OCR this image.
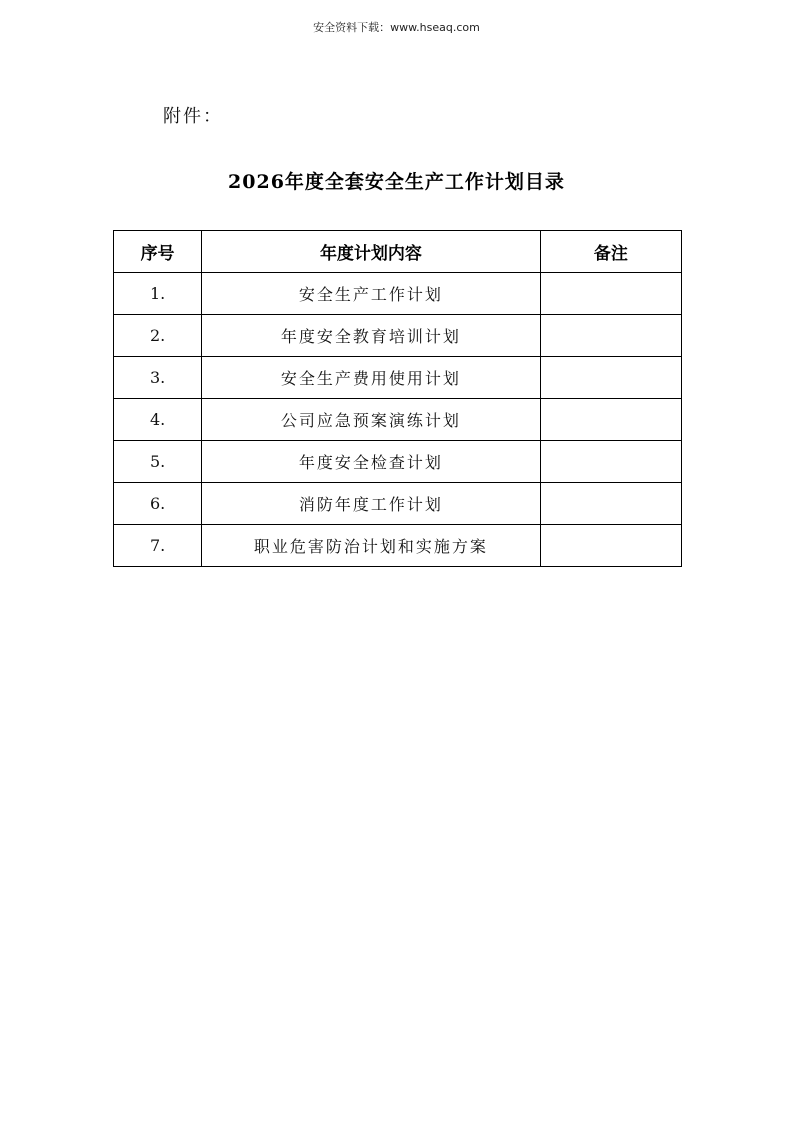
安全资料下载：www.hseaq.com
附件：
2026年度全套安全生产工作计划目录
序号	年度计划内容	备注
1.	安全生产工作计划	
2.	年度安全教育培训计划	
3.	安全生产费用使用计划	
4.	公司应急预案演练计划	
5.	年度安全检查计划	
6.	消防年度工作计划	
7.	职业危害防治计划和实施方案	
